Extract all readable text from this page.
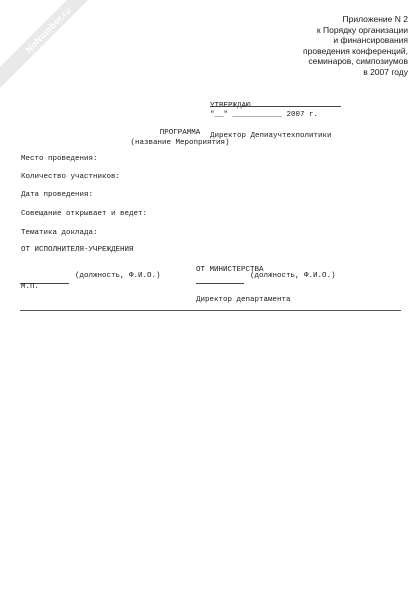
NoNumber.ru	Приложение N 2
к Порядку организации
и финансирования
проведения конференций,
семинаров, симпозиумов
в 2007 году

УТВЕРЖДАЮ

Директор Депиаучтехполитики

"__" ___________ 2007 г.
ПРОГРАММА
(название Мероприятия)
Место проведения:
Количество участников:
Дата проведения:
Совещание открывает и ведет:
Тематика доклада:
ОТ ИСПОЛНИТЕЛЯ-УЧРЕЖДЕНИЯ

ОТ МИНИСТЕРСТВА

Директор департамента

(должность, Ф.И.О.)
М.П.
(должность, Ф.И.О.)
